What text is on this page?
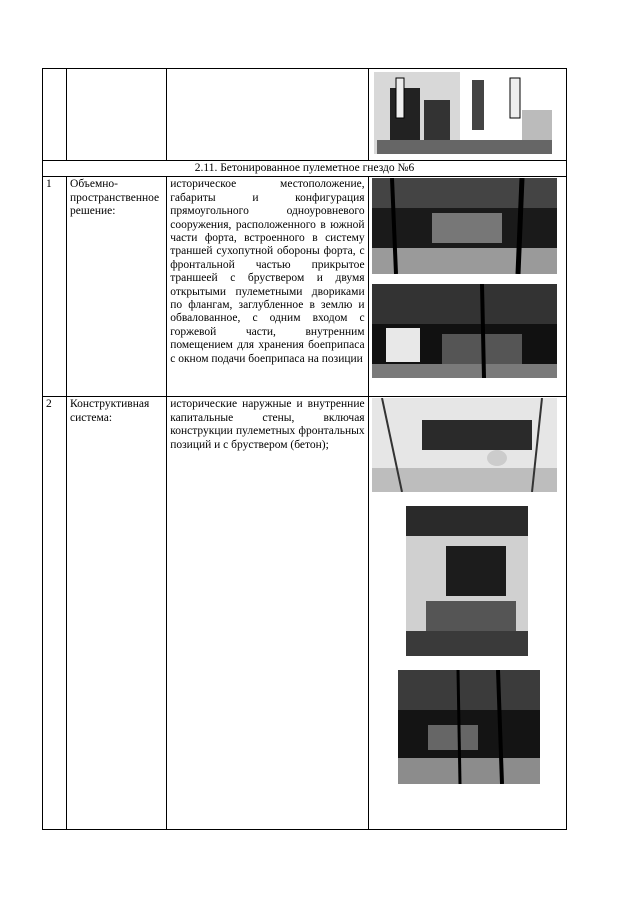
2.11. Бетонированное пулеметное гнездо №6			
1	Объемно-пространственное решение:	историческое местоположение, габариты и конфигурация прямоугольного одноуровневого сооружения, расположенного в южной части форта, встроенного в систему траншей сухопутной обороны форта, с фронтальной частью прикрытое траншеей с бруствером и двумя открытыми пулеметными двориками по флангам, заглубленное в землю и обвалованное, с одним входом с горжевой части, внутренним помещением для хранения боеприпаса с окном подачи боеприпаса на позиции

2	Конструктивная система:	исторические наружные и внутренние капитальные стены, включая конструкции пулеметных фронтальных позиций и с бруствером (бетон);
